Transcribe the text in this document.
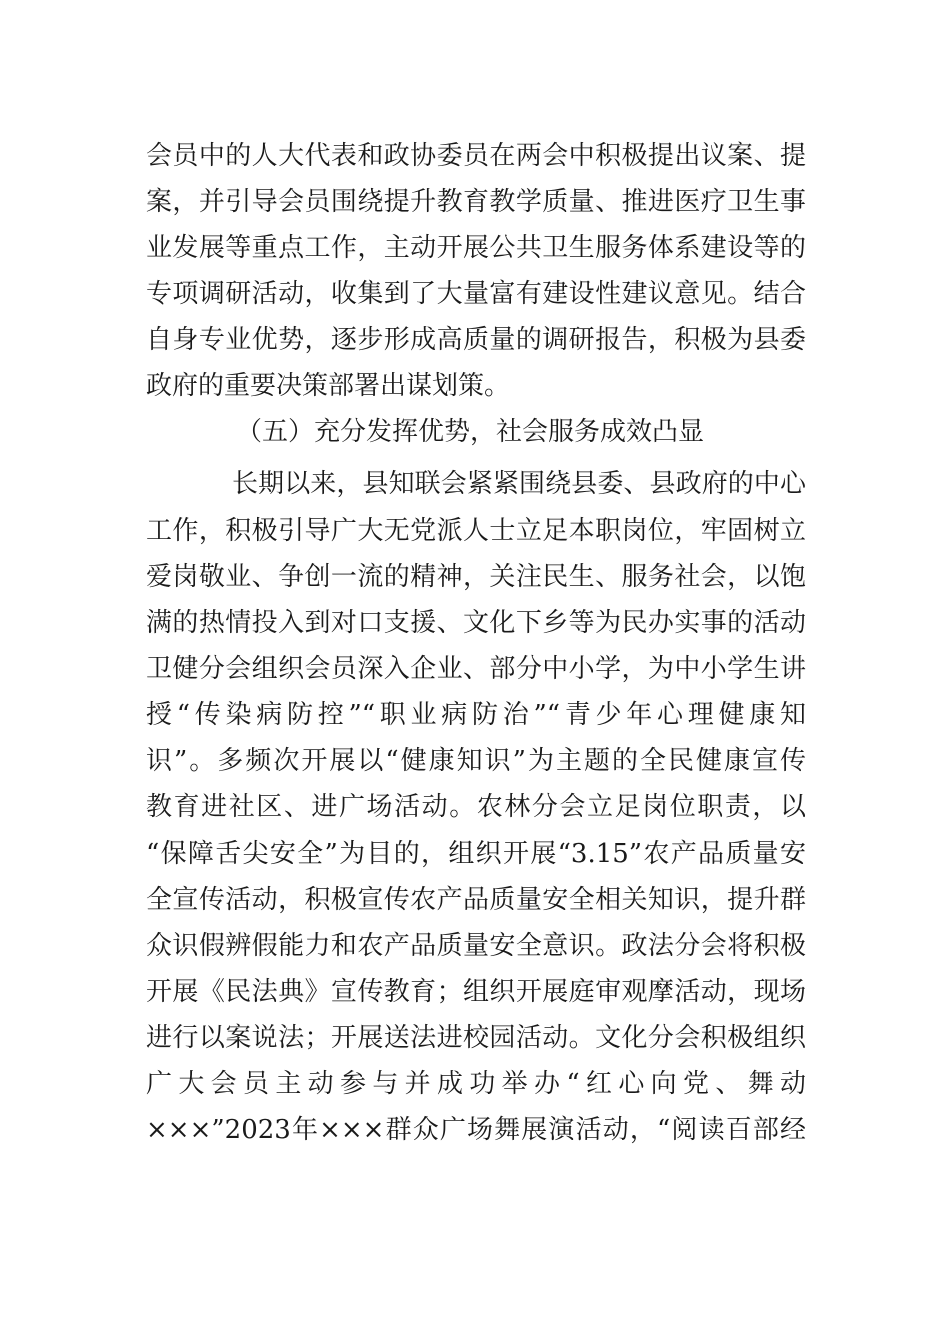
会员中的人大代表和政协委员在两会中积极提出议案、提
案，并引导会员围绕提升教育教学质量、推进医疗卫生事
业发展等重点工作，主动开展公共卫生服务体系建设等的
专项调研活动，收集到了大量富有建设性建议意见。结合
自身专业优势，逐步形成高质量的调研报告，积极为县委
政府的重要决策部署出谋划策。
（五）充分发挥优势，社会服务成效凸显
长期以来，县知联会紧紧围绕县委、县政府的中心
工作，积极引导广大无党派人士立足本职岗位，牢固树立
爱岗敬业、争创一流的精神，关注民生、服务社会，以饱
满的热情投入到对口支援、文化下乡等为民办实事的活动
卫健分会组织会员深入企业、部分中小学，为中小学生讲
授“传染病防控”“职业病防治”“青少年心理健康知
识”。多频次开展以“健康知识”为主题的全民健康宣传
教育进社区、进广场活动。农林分会立足岗位职责，以
“保障舌尖安全”为目的，组织开展“3.15”农产品质量安
全宣传活动，积极宣传农产品质量安全相关知识，提升群
众识假辨假能力和农产品质量安全意识。政法分会将积极
开展《民法典》宣传教育；组织开展庭审观摩活动，现场
进行以案说法；开展送法进校园活动。文化分会积极组织
广大会员主动参与并成功举办“红心向党、舞动
×××”2023年×××群众广场舞展演活动，“阅读百部经
